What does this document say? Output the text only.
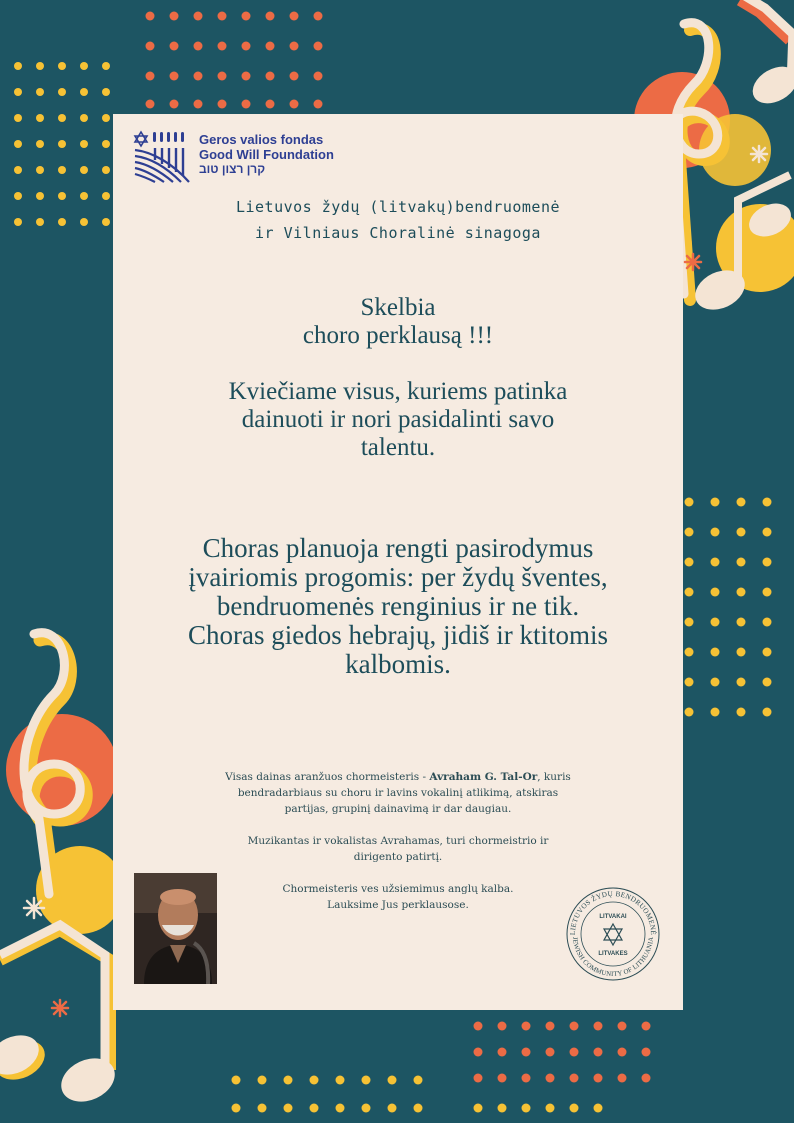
Geros valios fondas
Good Will Foundation
קרן רצון טוב
Lietuvos žydų (litvakų)bendruomenė
ir Vilniaus Choralinė sinagoga
Skelbia
choro perklausą !!!
Kviečiame visus, kuriems patinka
dainuoti ir nori pasidalinti savo
talentu.
Choras planuoja rengti pasirodymus
įvairiomis progomis: per žydų šventes,
bendruomenės renginius ir ne tik.
Choras giedos hebrajų, jidiš ir ktitomis
kalbomis.
Visas dainas aranžuos chormeisteris - Avraham G. Tal-Or, kuris
bendradarbiaus su choru ir lavins vokalinį atlikimą, atskiras
partijas, grupinį dainavimą ir dar daugiau.
Muzikantas ir vokalistas Avrahamas, turi chormeistrio ir
dirigento patirtį.
Chormeisteris ves užsiemimus anglų kalba.
Lauksime Jus perklausose.
LIETUVOS ŽYDŲ BENDRUOMENĖ
JEWISH COMMUNITY OF LITHUANIA
LITVAKAI
LITVAKES
